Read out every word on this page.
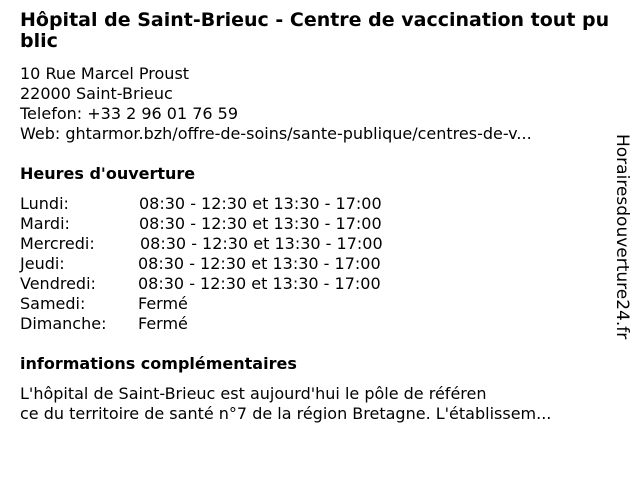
Hôpital de Saint-Brieuc - Centre de vaccination tout public
10 Rue Marcel Proust
22000 Saint-Brieuc
Telefon: +33 2 96 01 76 59
Web: ghtarmor.bzh/offre-de-soins/sante-publique/centres-de-v...
Heures d'ouverture
Lundi:	08:30 - 12:30 et 13:30 - 17:00
Mardi:	08:30 - 12:30 et 13:30 - 17:00
Mercredi:	08:30 - 12:30 et 13:30 - 17:00
Jeudi:	08:30 - 12:30 et 13:30 - 17:00
Vendredi:	08:30 - 12:30 et 13:30 - 17:00
Samedi:	Fermé
Dimanche: Fermé
informations complémentaires
L'hôpital de Saint-Brieuc est aujourd'hui le pôle de référen
ce du territoire de santé n°7 de la région Bretagne. L'établissem...
Horairesdouverture24.fr
